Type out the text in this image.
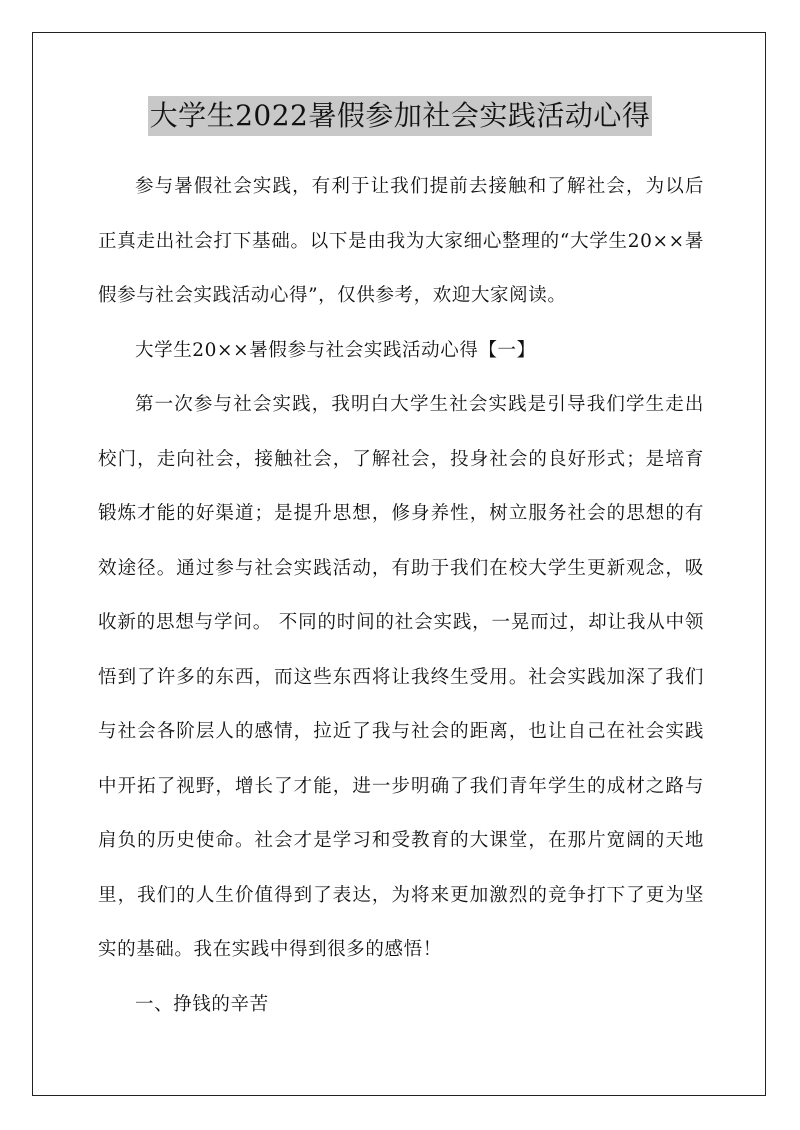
大学生2022暑假参加社会实践活动心得

参与暑假社会实践，有利于让我们提前去接触和了解社会，为以后正真走出社会打下基础。以下是由我为大家细心整理的“大学生20××暑假参与社会实践活动心得”，仅供参考，欢迎大家阅读。

大学生20××暑假参与社会实践活动心得【一】

第一次参与社会实践，我明白大学生社会实践是引导我们学生走出校门，走向社会，接触社会，了解社会，投身社会的良好形式；是培育锻炼才能的好渠道；是提升思想，修身养性，树立服务社会的思想的有效途径。通过参与社会实践活动，有助于我们在校大学生更新观念，吸收新的思想与学问。 不同的时间的社会实践，一晃而过，却让我从中领悟到了许多的东西，而这些东西将让我终生受用。社会实践加深了我们与社会各阶层人的感情，拉近了我与社会的距离，也让自己在社会实践中开拓了视野，增长了才能，进一步明确了我们青年学生的成材之路与肩负的历史使命。社会才是学习和受教育的大课堂，在那片宽阔的天地里，我们的人生价值得到了表达，为将来更加激烈的竞争打下了更为坚实的基础。我在实践中得到很多的感悟！

一、挣钱的辛苦
